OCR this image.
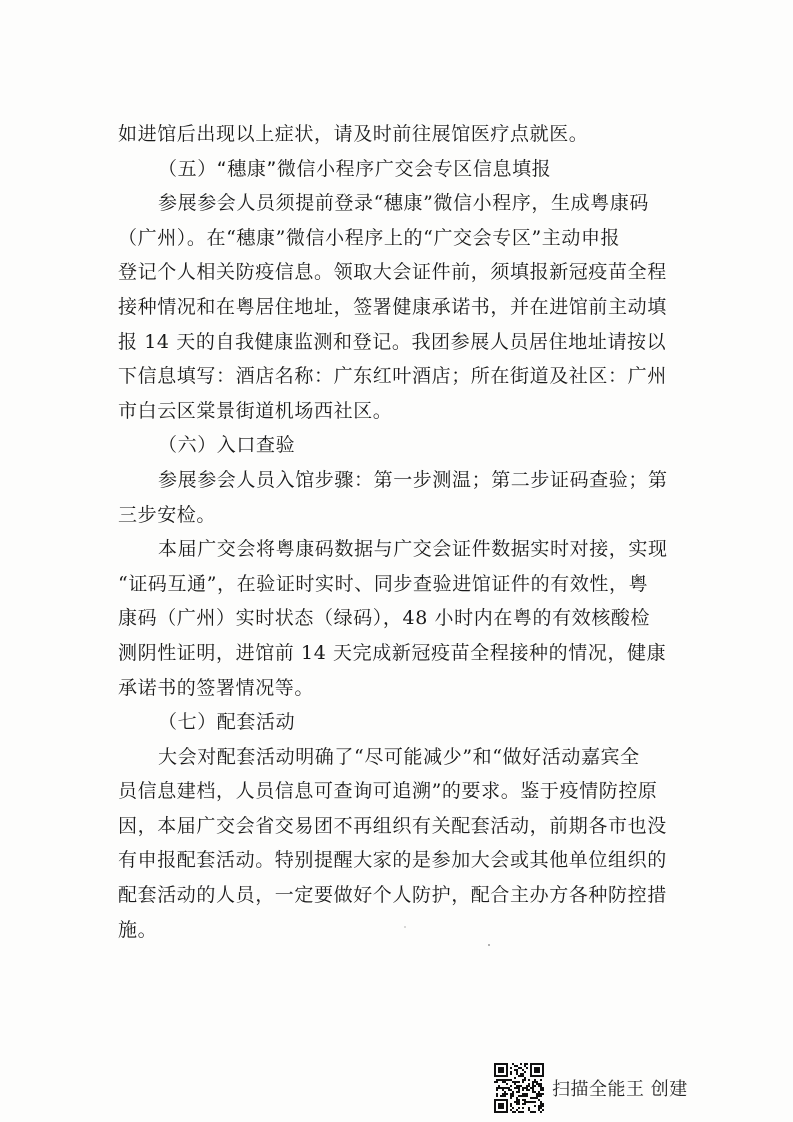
如进馆后出现以上症状，请及时前往展馆医疗点就医。
（五）“穗康”微信小程序广交会专区信息填报
参展参会人员须提前登录“穗康”微信小程序，生成粤康码
（广州）。在“穗康”微信小程序上的“广交会专区”主动申报
登记个人相关防疫信息。领取大会证件前，须填报新冠疫苗全程
接种情况和在粤居住地址，签署健康承诺书，并在进馆前主动填
报 14 天的自我健康监测和登记。我团参展人员居住地址请按以
下信息填写：酒店名称：广东红叶酒店；所在街道及社区：广州
市白云区棠景街道机场西社区。
（六）入口查验
参展参会人员入馆步骤：第一步测温；第二步证码查验；第
三步安检。
本届广交会将粤康码数据与广交会证件数据实时对接，实现
“证码互通”，在验证时实时、同步查验进馆证件的有效性，粤
康码（广州）实时状态（绿码），48 小时内在粤的有效核酸检
测阴性证明，进馆前 14 天完成新冠疫苗全程接种的情况，健康
承诺书的签署情况等。
（七）配套活动
大会对配套活动明确了“尽可能减少”和“做好活动嘉宾全
员信息建档，人员信息可查询可追溯”的要求。鉴于疫情防控原
因，本届广交会省交易团不再组织有关配套活动，前期各市也没
有申报配套活动。特别提醒大家的是参加大会或其他单位组织的
配套活动的人员，一定要做好个人防护，配合主办方各种防控措
施。
扫描全能王 创建
